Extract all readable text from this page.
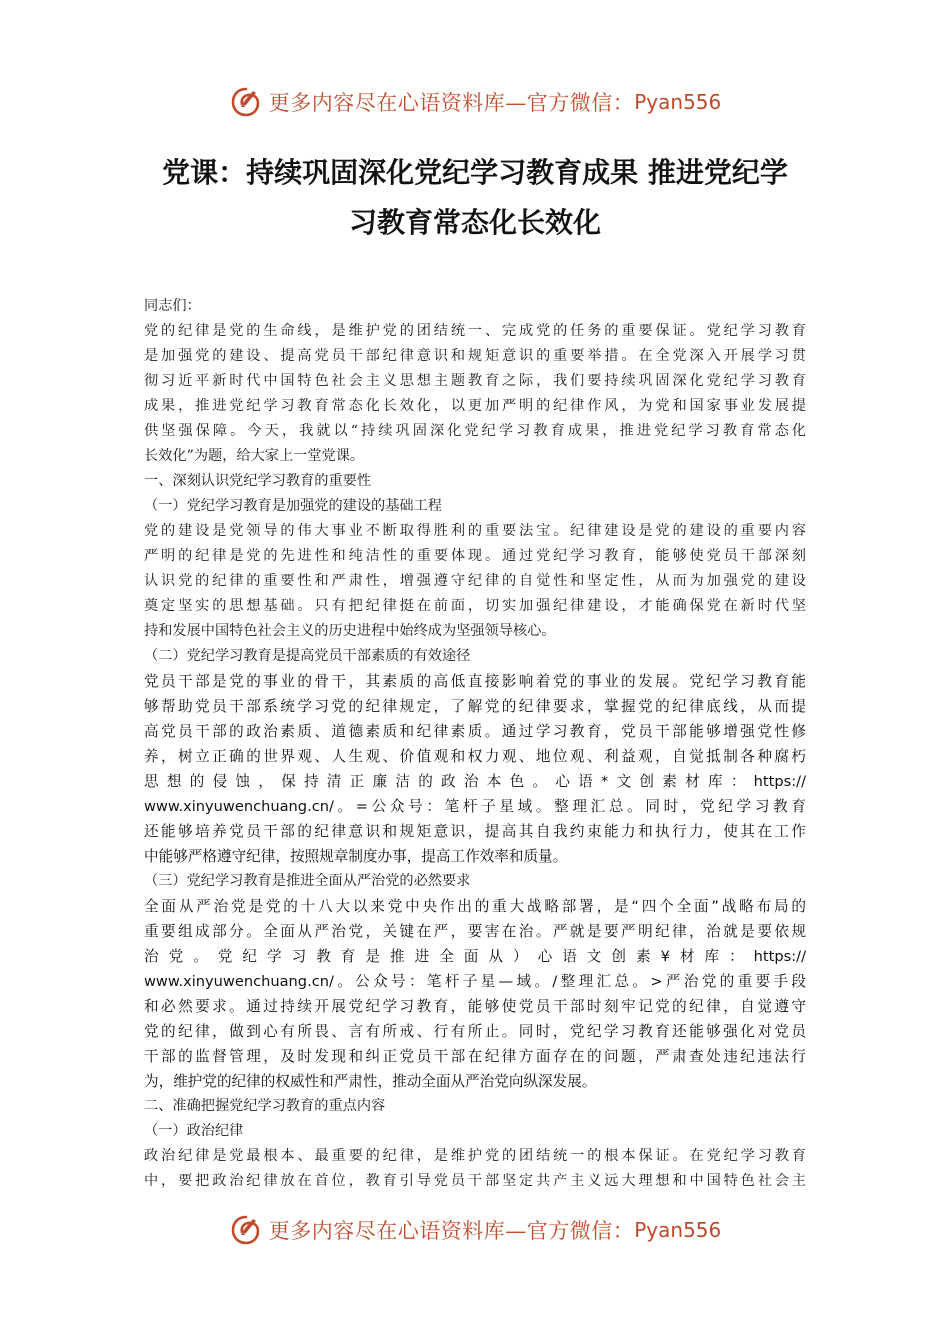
更多内容尽在心语资料库—官方微信： Pyan556
党课：持续巩固深化党纪学习教育成果 推进党纪学
习教育常态化长效化
同志们：
党的纪律是党的生命线，是维护党的团结统一、完成党的任务的重要保证。党纪学习教育
是加强党的建设、提高党员干部纪律意识和规矩意识的重要举措。在全党深入开展学习贯
彻习近平新时代中国特色社会主义思想主题教育之际，我们要持续巩固深化党纪学习教育
成果，推进党纪学习教育常态化长效化，以更加严明的纪律作风，为党和国家事业发展提
供坚强保障。今天，我就以“持续巩固深化党纪学习教育成果，推进党纪学习教育常态化
长效化”为题，给大家上一堂党课。
一、深刻认识党纪学习教育的重要性
（一）党纪学习教育是加强党的建设的基础工程
党的建设是党领导的伟大事业不断取得胜利的重要法宝。纪律建设是党的建设的重要内容
严明的纪律是党的先进性和纯洁性的重要体现。通过党纪学习教育，能够使党员干部深刻
认识党的纪律的重要性和严肃性，增强遵守纪律的自觉性和坚定性，从而为加强党的建设
奠定坚实的思想基础。只有把纪律挺在前面，切实加强纪律建设，才能确保党在新时代坚
持和发展中国特色社会主义的历史进程中始终成为坚强领导核心。
（二）党纪学习教育是提高党员干部素质的有效途径
党员干部是党的事业的骨干，其素质的高低直接影响着党的事业的发展。党纪学习教育能
够帮助党员干部系统学习党的纪律规定，了解党的纪律要求，掌握党的纪律底线，从而提
高党员干部的政治素质、道德素质和纪律素质。通过学习教育，党员干部能够增强党性修
养，树立正确的世界观、人生观、价值观和权力观、地位观、利益观，自觉抵制各种腐朽
思想的侵蚀，保持清正廉洁的政治本色。心语*文创素材库：https://
www.xinyuwenchuang.cn/。=公众号：笔杆子星域。整理汇总。同时，党纪学习教育
还能够培养党员干部的纪律意识和规矩意识，提高其自我约束能力和执行力，使其在工作
中能够严格遵守纪律，按照规章制度办事，提高工作效率和质量。
（三）党纪学习教育是推进全面从严治党的必然要求
全面从严治党是党的十八大以来党中央作出的重大战略部署，是“四个全面”战略布局的
重要组成部分。全面从严治党，关键在严，要害在治。严就是要严明纪律，治就是要依规
治党。党纪学习教育是推进全面从）心语文创素¥材库：https://
www.xinyuwenchuang.cn/。公众号：笔杆子星—域。/整理汇总。>严治党的重要手段
和必然要求。通过持续开展党纪学习教育，能够使党员干部时刻牢记党的纪律，自觉遵守
党的纪律，做到心有所畏、言有所戒、行有所止。同时，党纪学习教育还能够强化对党员
干部的监督管理，及时发现和纠正党员干部在纪律方面存在的问题，严肃查处违纪违法行
为，维护党的纪律的权威性和严肃性，推动全面从严治党向纵深发展。
二、准确把握党纪学习教育的重点内容
（一）政治纪律
政治纪律是党最根本、最重要的纪律，是维护党的团结统一的根本保证。在党纪学习教育
中，要把政治纪律放在首位，教育引导党员干部坚定共产主义远大理想和中国特色社会主
更多内容尽在心语资料库—官方微信： Pyan556
